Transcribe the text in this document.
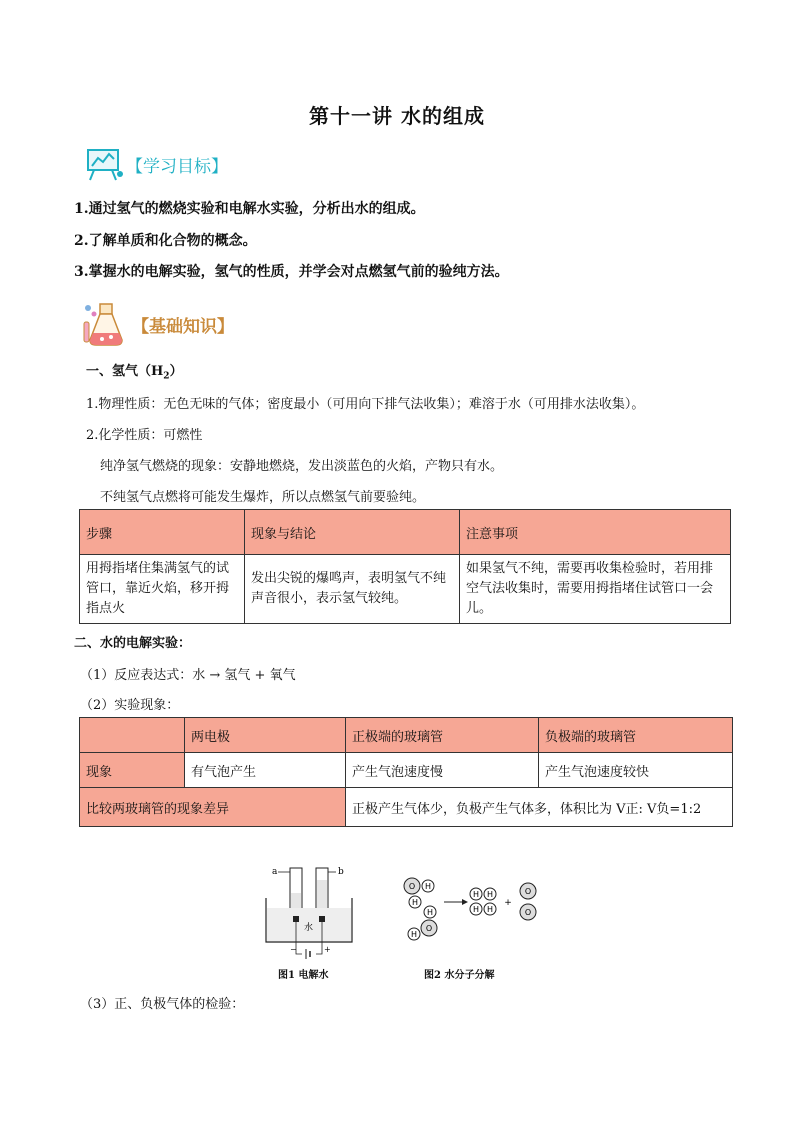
第十一讲 水的组成
【学习目标】
1.通过氢气的燃烧实验和电解水实验，分析出水的组成。
2.了解单质和化合物的概念。
3.掌握水的电解实验，氢气的性质，并学会对点燃氢气前的验纯方法。
【基础知识】
一、氢气$(H_2)$
1.物理性质：无色无味的气体；密度最小（可用向下排气法收集）；难溶于水（可用排水法收集）。
2.化学性质：可燃性
纯净氢气燃烧的现象：安静地燃烧，发出淡蓝色的火焰，产物只有水。
不纯氢气点燃将可能发生爆炸，所以点燃氢气前要验纯。
步骤	现象与结论	注意事项
用拇指堵住集满氢气的试管口，靠近火焰，移开拇指点火	发出尖锐的爆鸣声，表明氢气不纯声音很小，表示氢气较纯。	如果氢气不纯，需要再收集检验时，若用排空气法收集时，需要用拇指堵住试管口一会儿。
二、水的电解实验：
（1）反应表达式：水 → 氢气 + 氧气
（2）实验现象：
	两电极	正极端的玻璃管	负极端的玻璃管
现象	有气泡产生	产生气泡速度慢	产生气泡速度较快
比较两玻璃管的现象差异		正极产生气体少，负极产生气体多，体积比为 V正: V负=1:2	
a	b
水
−	+
O H
H
H
H
O
H H
H H
+
O
O
图1 电解水	图2 水分子分解
（3）正、负极气体的检验：
